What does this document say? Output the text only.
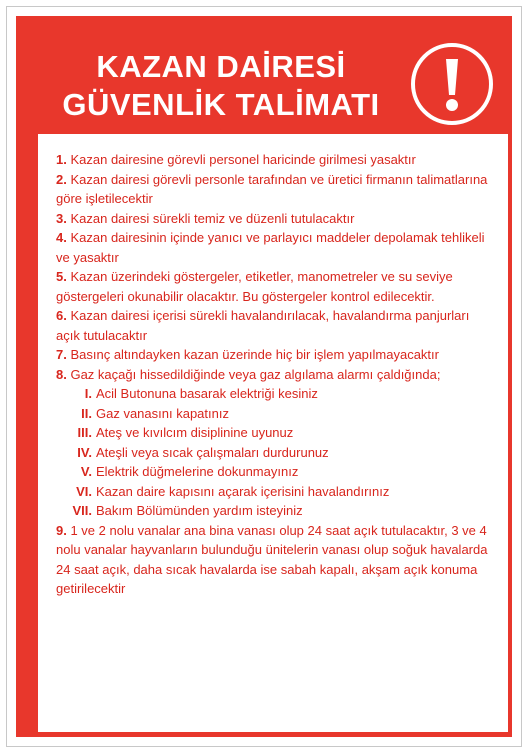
KAZAN DAİRESİ
GÜVENLİK TALİMATI
1. Kazan dairesine görevli personel haricinde girilmesi yasaktır
2. Kazan dairesi görevli personle tarafından ve üretici firmanın talimatlarına göre işletilecektir
3. Kazan dairesi sürekli temiz ve düzenli tutulacaktır
4. Kazan dairesinin içinde yanıcı ve parlayıcı maddeler depolamak tehlikeli ve yasaktır
5. Kazan üzerindeki göstergeler, etiketler, manometreler ve su seviye göstergeleri okunabilir olacaktır. Bu göstergeler kontrol edilecektir.
6. Kazan dairesi içerisi sürekli havalandırılacak, havalandırma panjurları açık tutulacaktır
7. Basınç altındayken kazan üzerinde hiç bir işlem yapılmayacaktır
8. Gaz kaçağı hissedildiğinde veya gaz algılama alarmı çaldığında;
I. Acil Butonuna basarak elektriği kesiniz
II. Gaz vanasını kapatınız
III. Ateş ve kıvılcım disiplinine uyunuz
IV. Ateşli veya sıcak çalışmaları durdurunuz
V. Elektrik düğmelerine dokunmayınız
VI. Kazan daire kapısını açarak içerisini havalandırınız
VII. Bakım Bölümünden yardım isteyiniz
9. 1 ve 2 nolu vanalar ana bina vanası olup 24 saat açık tutulacaktır, 3 ve 4 nolu vanalar hayvanların bulunduğu ünitelerin vanası olup soğuk havalarda 24 saat açık, daha sıcak havalarda ise sabah kapalı, akşam açık konuma getirilecektir
